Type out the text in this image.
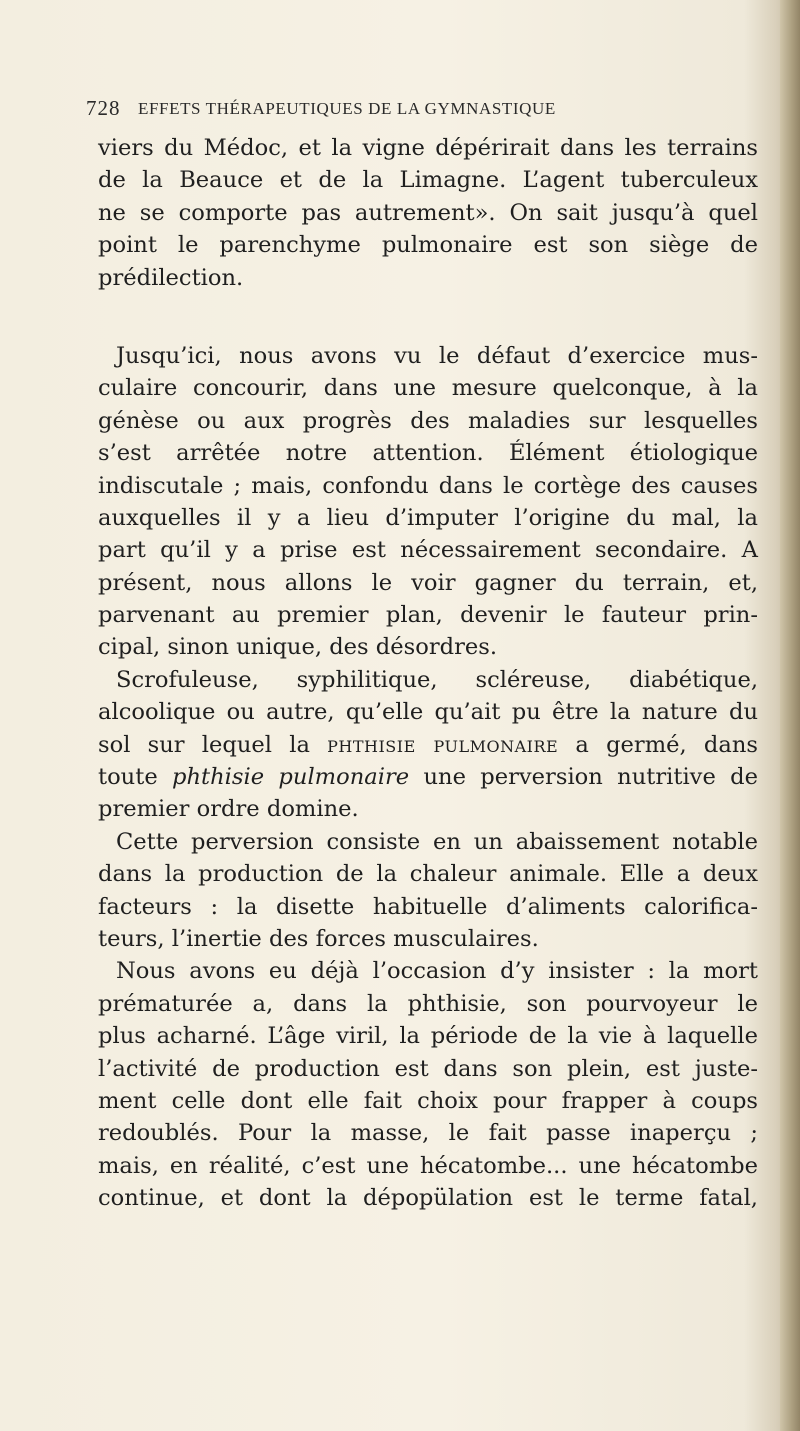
728 EFFETS THÉRAPEUTIQUES DE LA GYMNASTIQUE
viers du Médoc, et la vigne dépérirait dans les terrains
de la Beauce et de la Limagne. L’agent tuberculeux
ne se comporte pas autrement». On sait jusqu’à quel
point le parenchyme pulmonaire est son siège de
prédilection.
Jusqu’ici, nous avons vu le défaut d’exercice mus-
culaire concourir, dans une mesure quelconque, à la
génèse ou aux progrès des maladies sur lesquelles
s’est arrêtée notre attention. Élément étiologique
indiscutale ; mais, confondu dans le cortège des causes
auxquelles il y a lieu d’imputer l’origine du mal, la
part qu’il y a prise est nécessairement secondaire. A
présent, nous allons le voir gagner du terrain, et,
parvenant au premier plan, devenir le fauteur prin-
cipal, sinon unique, des désordres.
Scrofuleuse, syphilitique, scléreuse, diabétique,
alcoolique ou autre, qu’elle qu’ait pu être la nature du
sol sur lequel la phthisie pulmonaire a germé, dans
toute phthisie pulmonaire une perversion nutritive de
premier ordre domine.
Cette perversion consiste en un abaissement notable
dans la production de la chaleur animale. Elle a deux
facteurs : la disette habituelle d’aliments calorifica-
teurs, l’inertie des forces musculaires.
Nous avons eu déjà l’occasion d’y insister : la mort
prématurée a, dans la phthisie, son pourvoyeur le
plus acharné. L’âge viril, la période de la vie à laquelle
l’activité de production est dans son plein, est juste-
ment celle dont elle fait choix pour frapper à coups
redoublés. Pour la masse, le fait passe inaperçu ;
mais, en réalité, c’est une hécatombe... une hécatombe
continue, et dont la dépopülation est le terme fatal,
